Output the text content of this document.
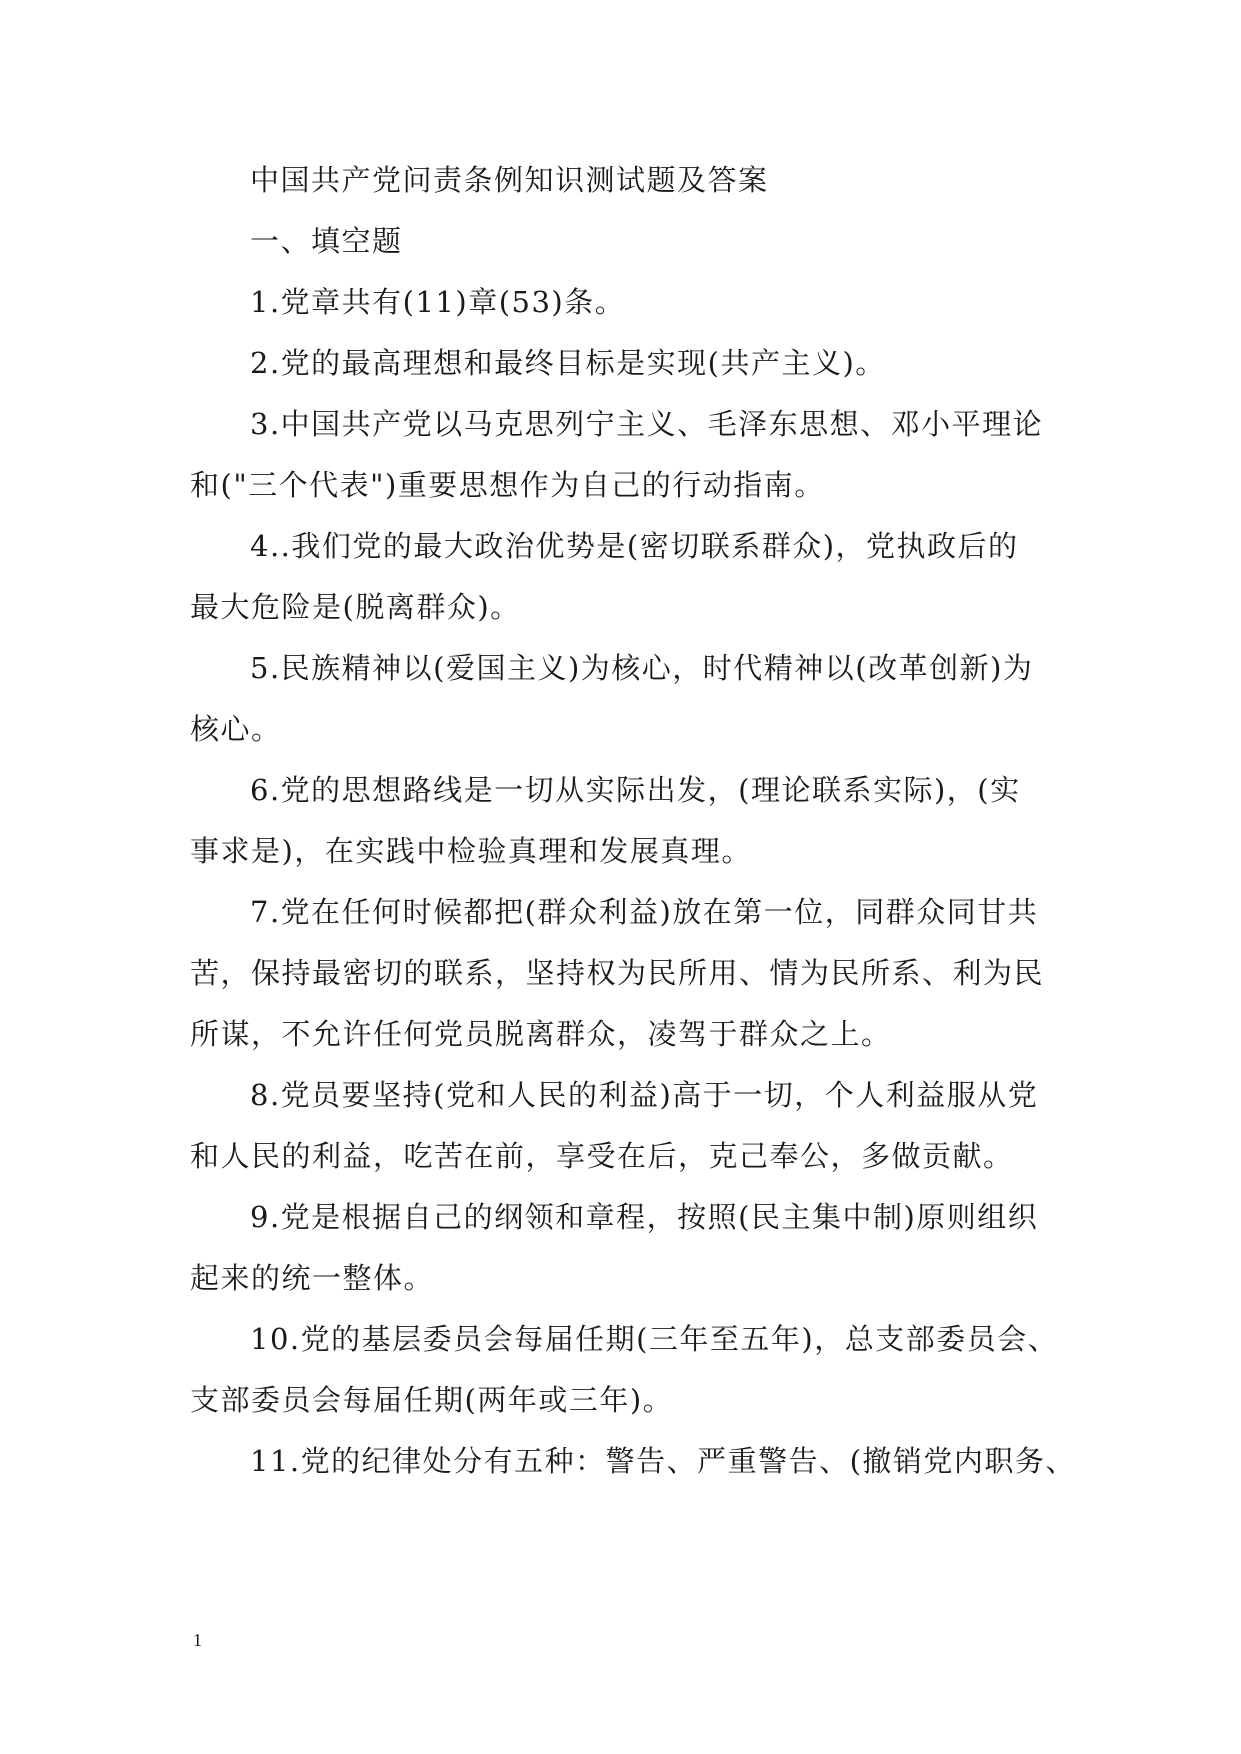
中国共产党问责条例知识测试题及答案
一、填空题
1.党章共有(11)章(53)条。
2.党的最高理想和最终目标是实现(共产主义)。
3.中国共产党以马克思列宁主义、毛泽东思想、邓小平理论
和("三个代表")重要思想作为自己的行动指南。
4..我们党的最大政治优势是(密切联系群众)，党执政后的
最大危险是(脱离群众)。
5.民族精神以(爱国主义)为核心，时代精神以(改革创新)为
核心。
6.党的思想路线是一切从实际出发，(理论联系实际)，(实
事求是)，在实践中检验真理和发展真理。
7.党在任何时候都把(群众利益)放在第一位，同群众同甘共
苦，保持最密切的联系，坚持权为民所用、情为民所系、利为民
所谋，不允许任何党员脱离群众，凌驾于群众之上。
8.党员要坚持(党和人民的利益)高于一切，个人利益服从党
和人民的利益，吃苦在前，享受在后，克己奉公，多做贡献。
9.党是根据自己的纲领和章程，按照(民主集中制)原则组织
起来的统一整体。
10.党的基层委员会每届任期(三年至五年)，总支部委员会、
支部委员会每届任期(两年或三年)。
11.党的纪律处分有五种：警告、严重警告、(撤销党内职务、
1
